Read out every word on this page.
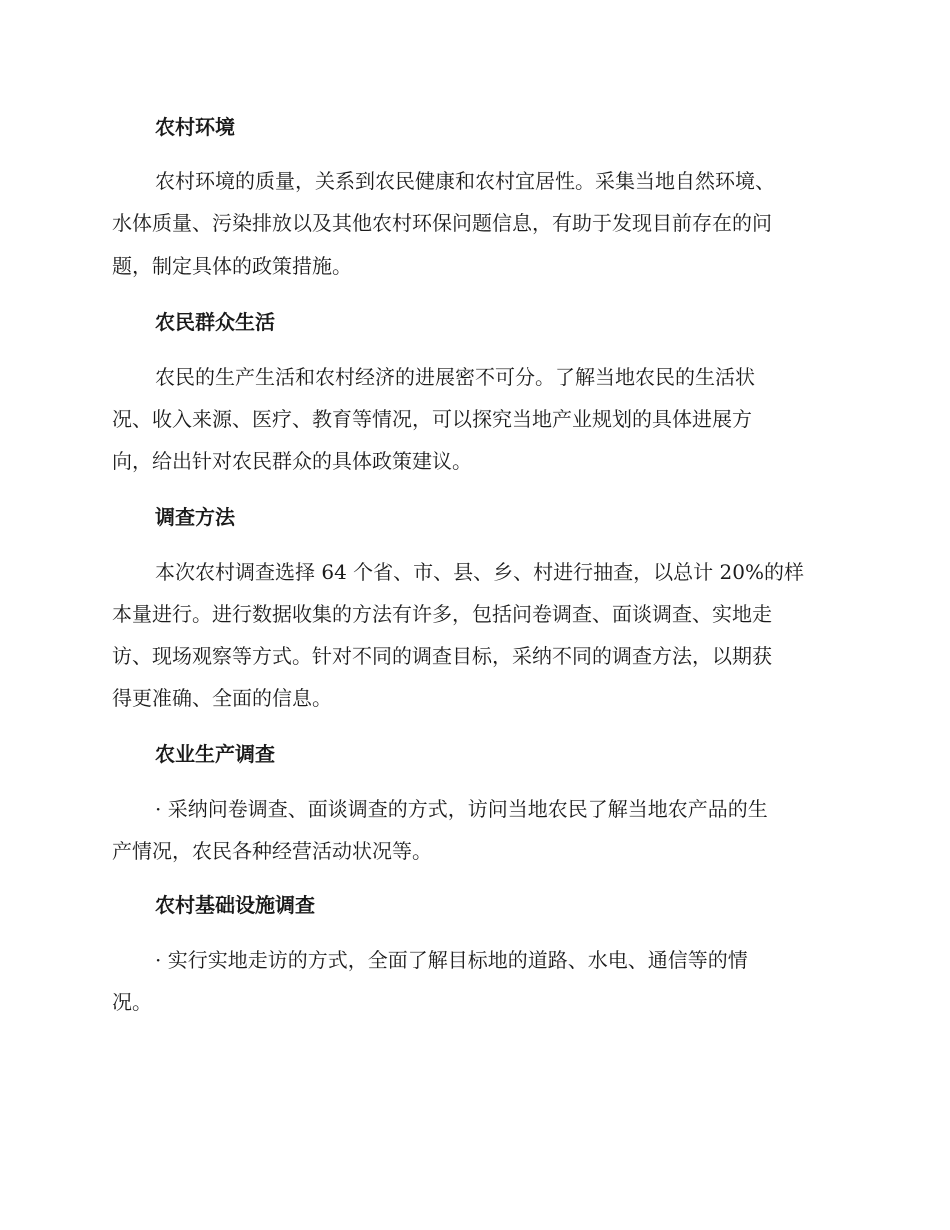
农村环境

农村环境的质量，关系到农民健康和农村宜居性。采集当地自然环境、

水体质量、污染排放以及其他农村环保问题信息，有助于发现目前存在的问

题，制定具体的政策措施。

农民群众生活

农民的生产生活和农村经济的进展密不可分。了解当地农民的生活状

况、收入来源、医疗、教育等情况，可以探究当地产业规划的具体进展方

向，给出针对农民群众的具体政策建议。

调查方法

本次农村调查选择 64 个省、市、县、乡、村进行抽查，以总计 20%的样

本量进行。进行数据收集的方法有许多，包括问卷调查、面谈调查、实地走

访、现场观察等方式。针对不同的调查目标，采纳不同的调查方法，以期获

得更准确、全面的信息。

农业生产调查

· 采纳问卷调查、面谈调查的方式，访问当地农民了解当地农产品的生

产情况，农民各种经营活动状况等。

农村基础设施调查

· 实行实地走访的方式，全面了解目标地的道路、水电、通信等的情

况。
